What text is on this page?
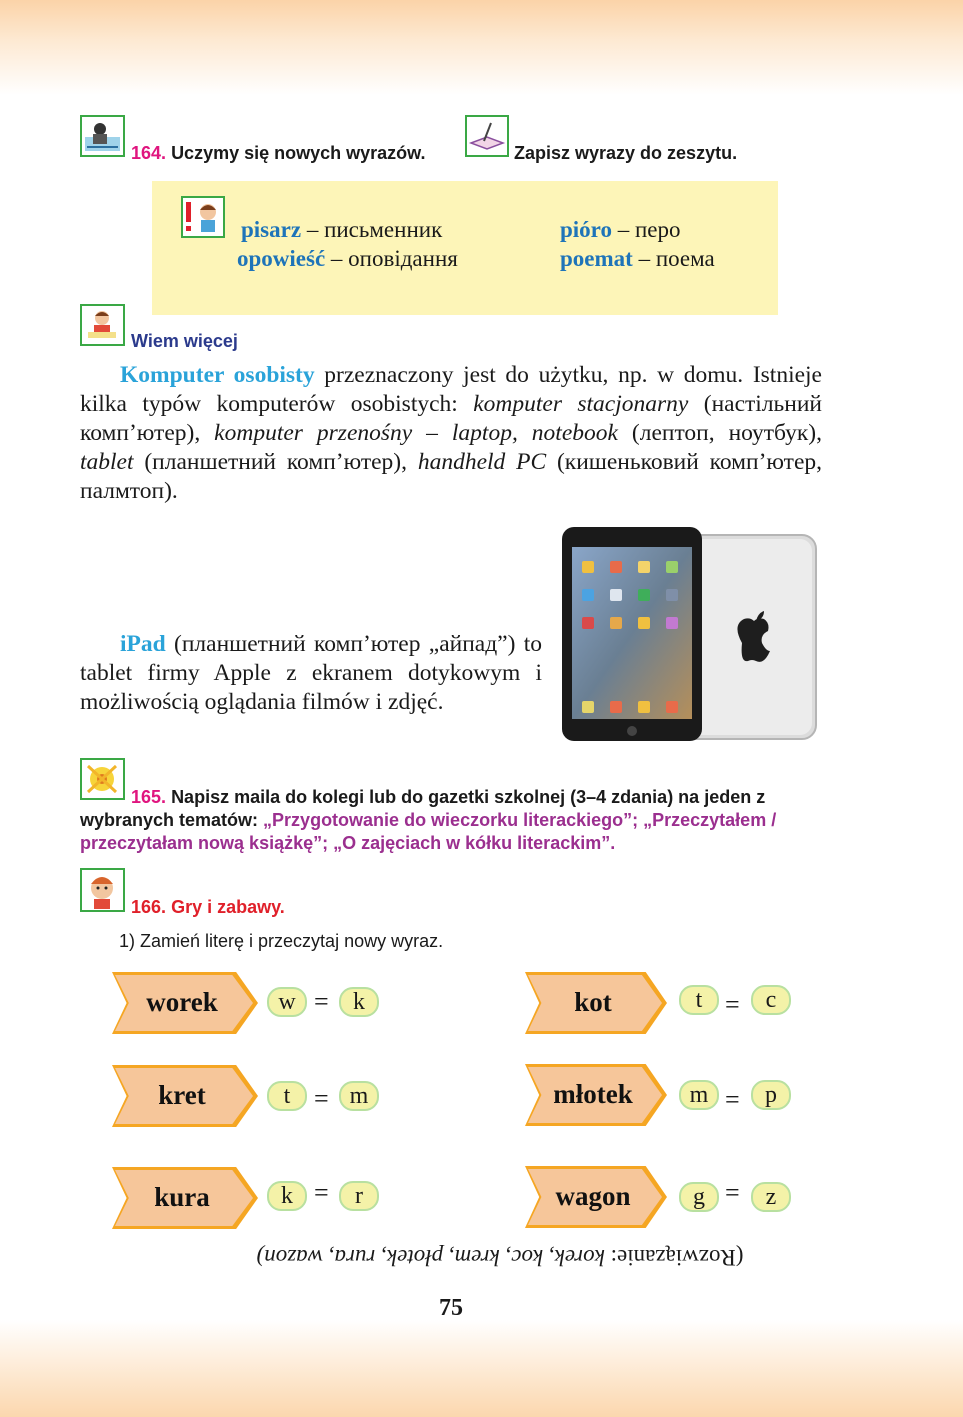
164. Uczymy się nowych wyrazów.	Zapisz wyrazy do zeszytu.
pisarz – письменник
opowieść – оповідання
pióro – перо
poemat – поема
Wiem więcej
Komputer osobisty przeznaczony jest do użytku, np. w domu. Istnieje kilka typów komputerów osobistych: komputer stacjonarny (настільний комп’ютер), komputer przenośny – laptop, notebook (лептоп, ноутбук), tablet (планшетний комп’ютер), handheld PC (кишеньковий комп’ютер, палмтоп).
iPad (планшетний комп’ютер „айпад”) to tablet firmy Apple z ekranem dotykowym i możliwością oglądania filmów i zdjęć.
165. Napisz maila do kolegi lub do gazetki szkolnej (3–4 zdania) na jeden z wybranych tematów: „Przygotowanie do wieczorku literackiego”; „Przeczytałem / przeczytałam nową książkę”; „O zajęciach w kółku literackim”.
166. Gry i zabawy.
1) Zamień literę i przeczytaj nowy wyraz.
worek	w =	k	kot	t =	c
kret	t = m	młotek	m =	p
kura	k =	r	wagon	g =	z
(Rozwiązanie: korek, koc, krem, płotek, rura, wazon)
75
